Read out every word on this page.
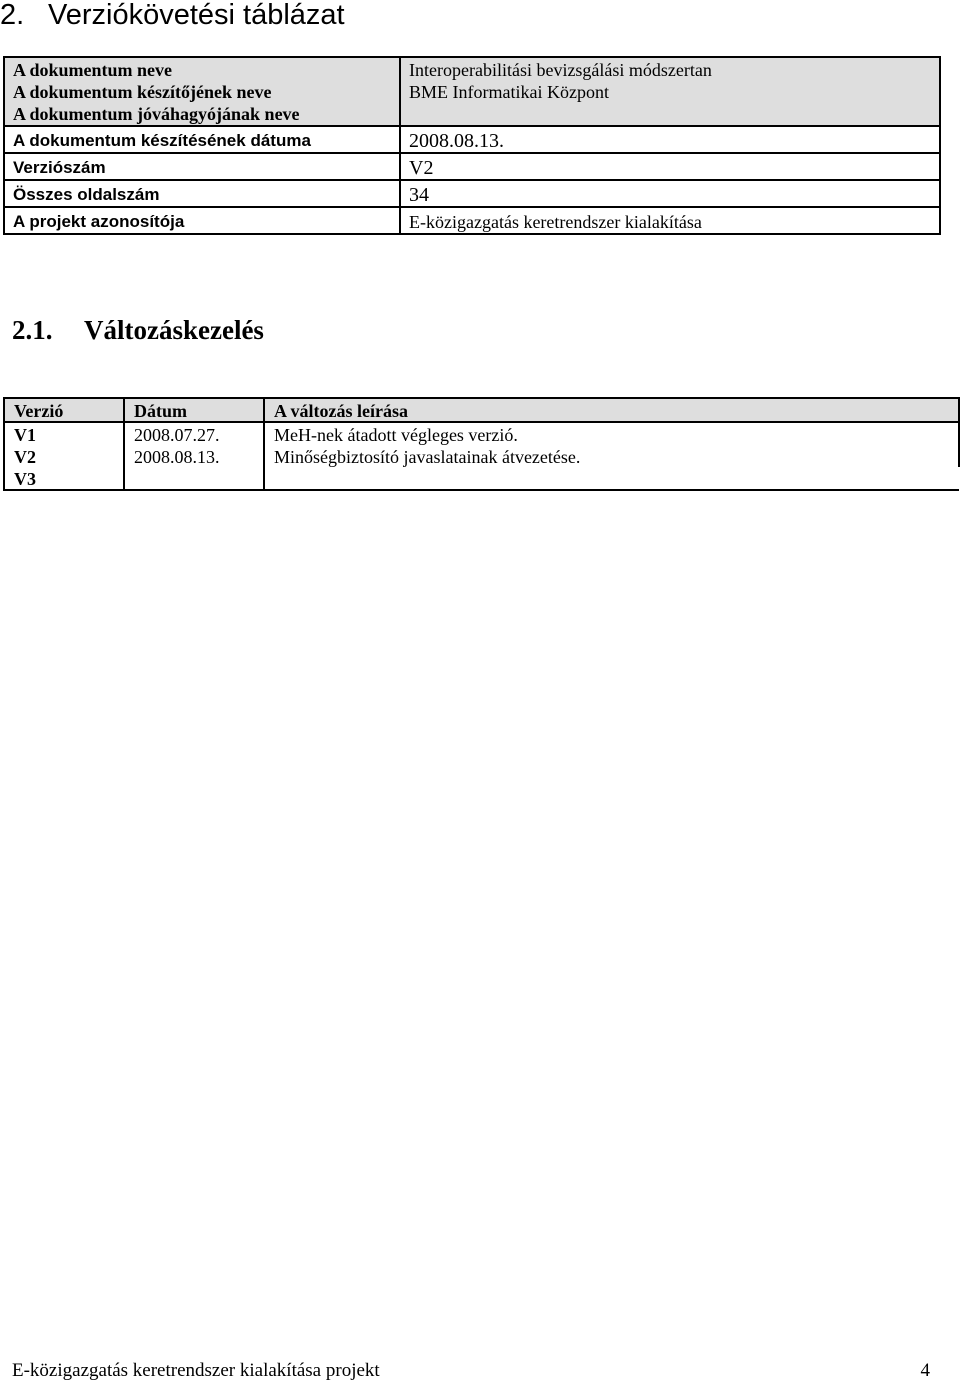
2. Verziókövetési táblázat
A dokumentum neve	Interoperabilitási bevizsgálási módszertan
A dokumentum készítőjének neve	BME Informatikai Központ
A dokumentum jóváhagyójának neve	
A dokumentum készítésének dátuma	2008.08.13.
Verziószám	V2
Összes oldalszám	34
A projekt azonosítója	E-közigazgatás keretrendszer kialakítása
2.1. Változáskezelés
Verzió	Dátum	A változás leírása
V1	2008.07.27.	MeH-nek átadott végleges verzió.
V2	2008.08.13.	Minőségbiztosító javaslatainak átvezetése.
V3		
E-közigazgatás keretrendszer kialakítása projekt	4
